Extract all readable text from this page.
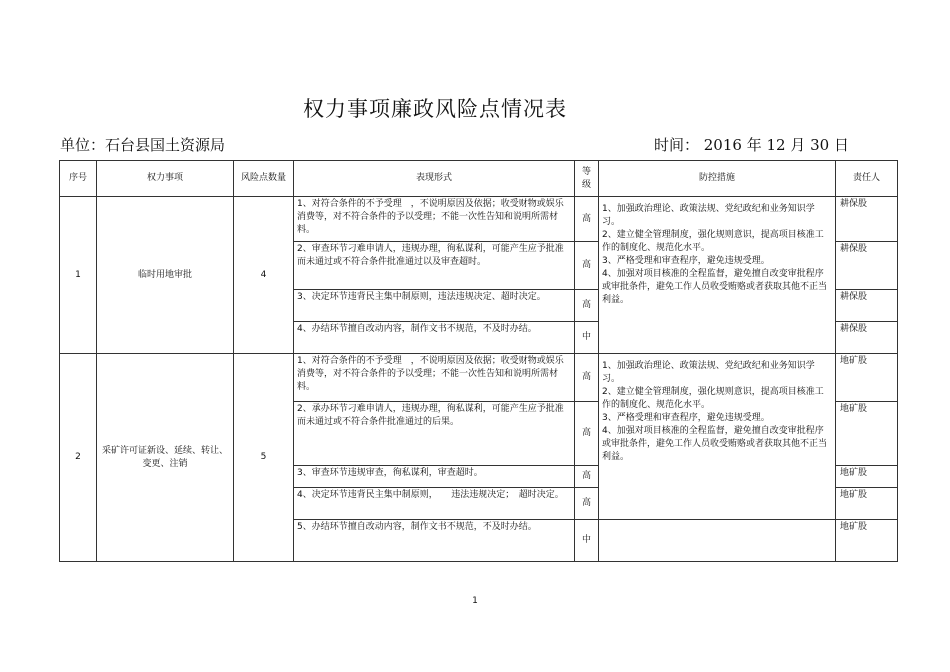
权力事项廉政风险点情况表
单位：石台县国土资源局	时间： 2016 年 12 月 30 日
序号	权力事项	风险点数量	表现形式	等级	防控措施	责任人
1	临时用地审批	4	1、对符合条件的不予受理　，不说明原因及依据；收受财物或娱乐消费等，对不符合条件的予以受理；不能一次性告知和说明所需材料。	高	1、加强政治理论、政策法规、党纪政纪和业务知识学习。
2、建立健全管理制度，强化规则意识，提高项目核准工作的制度化、规范化水平。
3、严格受理和审查程序，避免违规受理。
4、加强对项目核准的全程监督，避免擅自改变审批程序或审批条件，避免工作人员收受贿赂或者获取其他不正当利益。	耕保股
			2、审查环节刁难申请人，违规办理，徇私谋利，可能产生应予批准而未通过或不符合条件批准通过以及审查超时。	高		耕保股
			3、决定环节违背民主集中制原则，违法违规决定、超时决定。	高		耕保股
			4、办结环节擅自改动内容，制作文书不规范，不及时办结。	中		耕保股
2	采矿许可证新设、延续、转让、变更、注销	5	1、对符合条件的不予受理　，不说明原因及依据；收受财物或娱乐消费等，对不符合条件的予以受理；不能一次性告知和说明所需材料。	高	1、加强政治理论、政策法规、党纪政纪和业务知识学习。
2、建立健全管理制度，强化规则意识，提高项目核准工作的制度化、规范化水平。
3、严格受理和审查程序，避免违规受理。
4、加强对项目核准的全程监督，避免擅自改变审批程序或审批条件，避免工作人员收受贿赂或者获取其他不正当利益。	地矿股
			2、承办环节刁难申请人，违规办理，徇私谋利，可能产生应予批准而未通过或不符合条件批准通过的后果。	高		地矿股
			3、审查环节违规审查，徇私谋利，审查超时。	高		地矿股
			4、决定环节违背民主集中制原则，　　违法违规决定；　超时决定。	高		地矿股
			5、办结环节擅自改动内容，制作文书不规范，不及时办结。	中		地矿股
1
